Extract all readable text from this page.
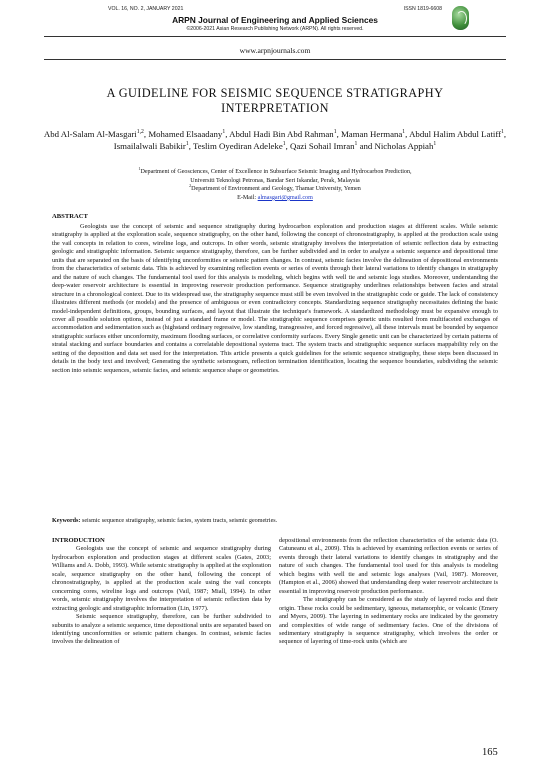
VOL. 16, NO. 2, JANUARY 2021	ISSN 1819-6608
ARPN Journal of Engineering and Applied Sciences
©2006-2021 Asian Research Publishing Network (ARPN). All rights reserved.
www.arpnjournals.com
A GUIDELINE FOR SEISMIC SEQUENCE STRATIGRAPHY INTERPRETATION
Abd Al-Salam Al-Masgari$^{1,2}$, Mohamed Elsaadany$^1$, Abdul Hadi Bin Abd Rahman$^1$, Maman Hermana$^1$, Abdul Halim Abdul Latiff$^1$, Ismailalwali Babikir$^1$, Teslim Oyediran Adeleke$^1$, Qazi Sohail Imran$^1$ and Nicholas Appiah$^1$
$^1$Department of Geosciences, Center of Excellence in Subsurface Seismic Imaging and Hydrocarbon Prediction,
Universiti Teknologi Petronas, Bandar Seri Iskandar, Perak, Malaysia
$^2$Department of Environment and Geology, Thamar University, Yemen
E-Mail: almasgari@gmail.com
ABSTRACT
Geologists use the concept of seismic and sequence stratigraphy during hydrocarbon exploration and production stages at different scales. While seismic stratigraphy is applied at the exploration scale, sequence stratigraphy, on the other hand, following the concept of chronostratigraphy, is applied at the production scale using the vail concepts in relation to cores, wireline logs, and outcrops. In other words, seismic stratigraphy involves the interpretation of seismic reflection data by extracting geologic and stratigraphic information. Seismic sequence stratigraphy, therefore, can be further subdivided and in order to analyze a seismic sequence and depositional time units that are separated on the basis of identifying unconformities or seismic pattern changes. In contrast, seismic facies involve the delineation of depositional environments from the characteristics of seismic data. This is achieved by examining reflection events or series of events through their lateral variations to identify changes in stratigraphy and the nature of such changes. The fundamental tool used for this analysis is modeling, which begins with well tie and seismic logs studies. Moreover, understanding the deep-water reservoir architecture is essential in improving reservoir production performance. Sequence stratigraphy underlines relationships between facies and stratal structure in a chronological context. Due to its widespread use, the stratigraphy sequence must still be even involved in the stratigraphic code or guide. The lack of consistency illustrates different methods (or models) and the presence of ambiguous or even contradictory concepts. Standardizing sequence stratigraphy necessitates defining the basic model-independent definitions, groups, bounding surfaces, and layout that illustrate the technique's framework. A standardized methodology must be expansive enough to cover all possible solution options, instead of just a standard frame or model. The stratigraphic sequence comprises genetic units resulted from multifaceted exchanges of accommodation and sedimentation such as (highstand ordinary regressive, low standing, transgressive, and forced regressive), all these intervals must be bounded by sequence stratigraphic surfaces either unconformity, maximum flooding surfaces, or correlative conformity surfaces. Every Single genetic unit can be characterized by certain patterns of stratal stacking and surface boundaries and contains a correlatable depositional systems tract. The system tracts and stratigraphic sequence surfaces mappability rely on the setting of the deposition and data set used for the interpretation. This article presents a quick guidelines for the seismic sequence stratigraphy, these steps been discussed in details in the body text and involved; Generating the synthetic seismogram, reflection termination identification, locating the sequence boundaries, subdividing the seismic section into seismic sequences, seismic facies, and seismic sequence shape or geometries.
Keywords: seismic sequence stratigraphy, seismic facies, system tracts, seismic geometries.
INTRODUCTION

Geologists use the concept of seismic and sequence stratigraphy during hydrocarbon exploration and production stages at different scales (Gates, 2003; Williams and A. Dobb, 1993). While seismic stratigraphy is applied at the exploration scale, sequence stratigraphy on the other hand, following the concept of chronostratigraphy, is applied at the production scale using the vail concepts concerning cores, wireline logs and outcrops (Vail, 1987; Miall, 1994). In other words, seismic stratigraphy involves the interpretation of seismic reflection data by extracting geologic and stratigraphic information (Lin, 1977).

Seismic sequence stratigraphy, therefore, can be further subdivided to subunits to analyze a seismic sequence, time depositional units are separated based on identifying unconformities or seismic pattern changes. In contrast, seismic facies involves the delineation of

depositional environments from the reflection characteristics of the seismic data (O. Catuneanu et al., 2009). This is achieved by examining reflection events or series of events through their lateral variations to identify changes in stratigraphy and the nature of such changes. The fundamental tool used for this analysis is modeling which begins with well tie and seismic logs analyses (Vail, 1987). Moreover, (Hampton et al., 2006) showed that understanding deep water reservoir architecture is essential in improving reservoir production performance.

The stratigraphy can be considered as the study of layered rocks and their origin. These rocks could be sedimentary, igneous, metamorphic, or volcanic (Emery and Myers, 2009). The layering in sedimentary rocks are indicated by the geometry and complexities of wide range of sedimentary facies. One of the divisions of sedimentary stratigraphy is sequence stratigraphy, which involves the order or sequence of layering of time-rock units (which are

165
